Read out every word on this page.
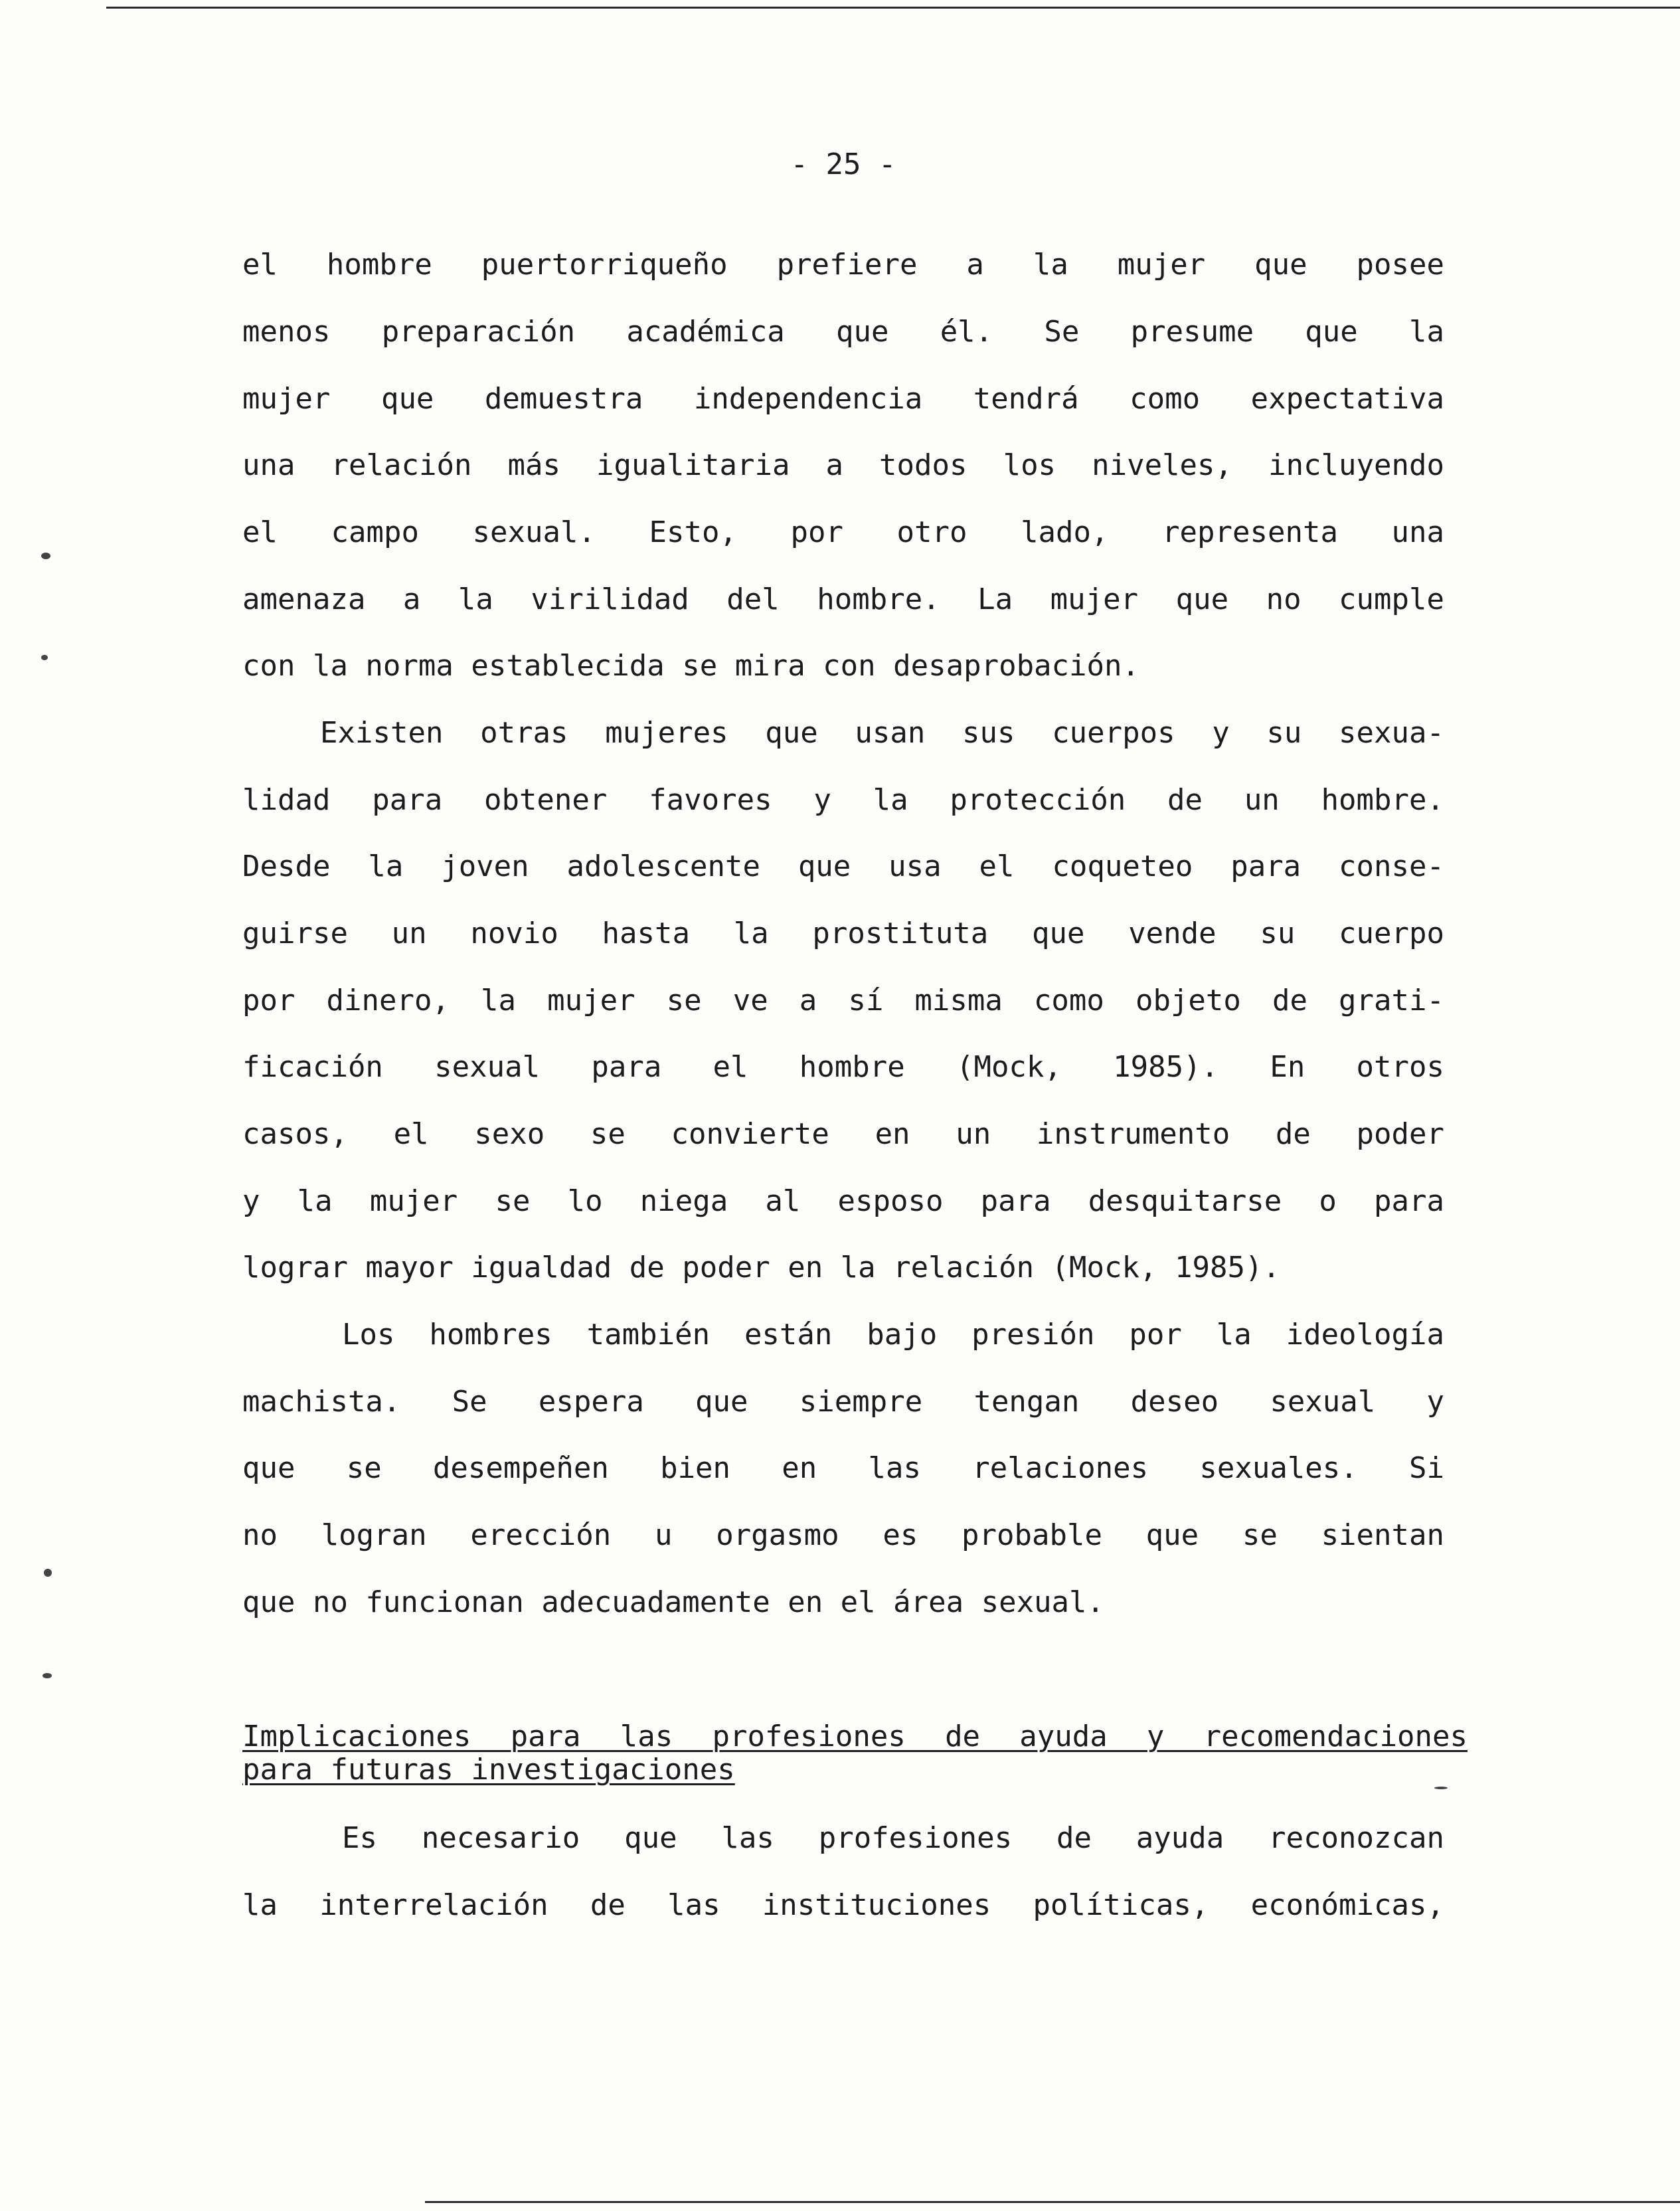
- 25 -
el hombre puertorriqueño prefiere a la mujer que posee
menos preparación académica que él. Se presume que la
mujer que demuestra independencia tendrá como expectativa
una relación más igualitaria a todos los niveles, incluyendo
el campo sexual. Esto, por otro lado, representa una
amenaza a la virilidad del hombre. La mujer que no cumple
con la norma establecida se mira con desaprobación.
Existen otras mujeres que usan sus cuerpos y su sexua-
lidad para obtener favores y la protección de un hombre.
Desde la joven adolescente que usa el coqueteo para conse-
guirse un novio hasta la prostituta que vende su cuerpo
por dinero, la mujer se ve a sí misma como objeto de grati-
ficación sexual para el hombre (Mock, 1985). En otros
casos, el sexo se convierte en un instrumento de poder
y la mujer se lo niega al esposo para desquitarse o para
lograr mayor igualdad de poder en la relación (Mock, 1985).
Los hombres también están bajo presión por la ideología
machista. Se espera que siempre tengan deseo sexual y
que se desempeñen bien en las relaciones sexuales. Si
no logran erección u orgasmo es probable que se sientan
que no funcionan adecuadamente en el área sexual.
Implicaciones para las profesiones de ayuda y recomendaciones
para futuras investigaciones
Es necesario que las profesiones de ayuda reconozcan
la interrelación de las instituciones políticas, económicas,
